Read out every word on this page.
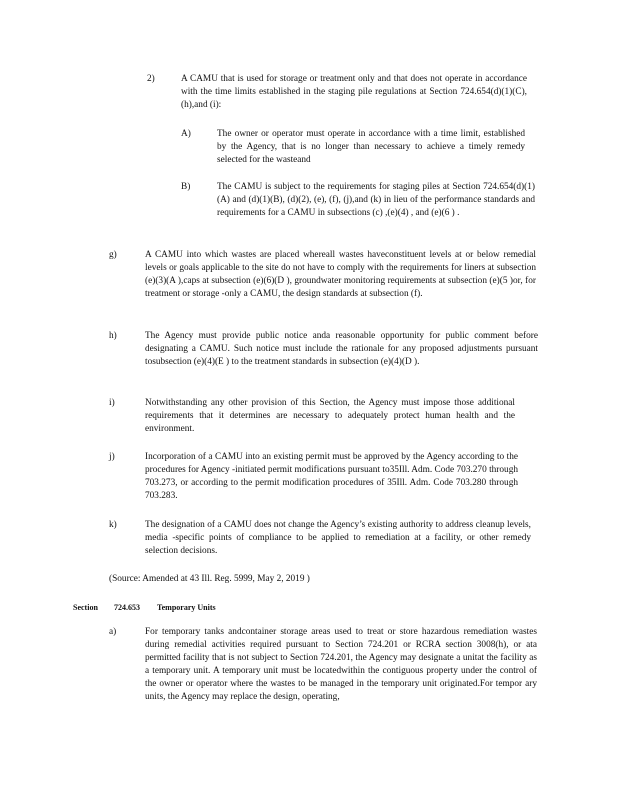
2)	A CAMU that is used for storage or treatment only and that does not operate in accordance with the time limits established in the staging pile regulations at Section 724.654(d)(1)(C), (h),and (i):
A)	The owner or operator must operate in accordance with a time limit, established by the Agency, that is no longer than necessary to achieve a timely remedy selected for the wasteand
B)	The CAMU is subject to the requirements for staging piles at Section 724.654(d)(1)(A) and (d)(1)(B), (d)(2), (e), (f), (j),and (k) in lieu of the performance standards and requirements for a CAMU in subsections (c) ,(e)(4) , and (e)(6 ) .
g)	A CAMU into which wastes are placed whereall wastes haveconstituent levels at or below remedial levels or goals applicable to the site do not have to comply with the requirements for liners at subsection (e)(3)(A ),caps at subsection (e)(6)(D ), groundwater monitoring requirements at subsection (e)(5 )or, for treatment or storage -only a CAMU, the design standards at subsection (f).
h)	The Agency must provide public notice anda reasonable opportunity for public comment before designating a CAMU. Such notice must include the rationale for any proposed adjustments pursuant tosubsection (e)(4)(E ) to the treatment standards in subsection (e)(4)(D ).
i)	Notwithstanding any other provision of this Section, the Agency must impose those additional requirements that it determines are necessary to adequately protect human health and the environment.
j)	Incorporation of a CAMU into an existing permit must be approved by the Agency according to the procedures for Agency -initiated permit modifications pursuant to35Ill. Adm. Code 703.270 through 703.273, or according to the permit modification procedures of 35Ill. Adm. Code 703.280 through 703.283.
k)	The designation of a CAMU does not change the Agency’s existing authority to address cleanup levels, media -specific points of compliance to be applied to remediation at a facility, or other remedy selection decisions.
(Source: Amended at 43 Ill. Reg. 5999, May 2, 2019 )
Section 724.653 Temporary Units
a)	For temporary tanks andcontainer storage areas used to treat or store hazardous remediation wastes during remedial activities required pursuant to Section 724.201 or RCRA section 3008(h), or ata permitted facility that is not subject to Section 724.201, the Agency may designate a unitat the facility as a temporary unit. A temporary unit must be locatedwithin the contiguous property under the control of the owner or operator where the wastes to be managed in the temporary unit originated.For tempor ary units, the Agency may replace the design, operating,
